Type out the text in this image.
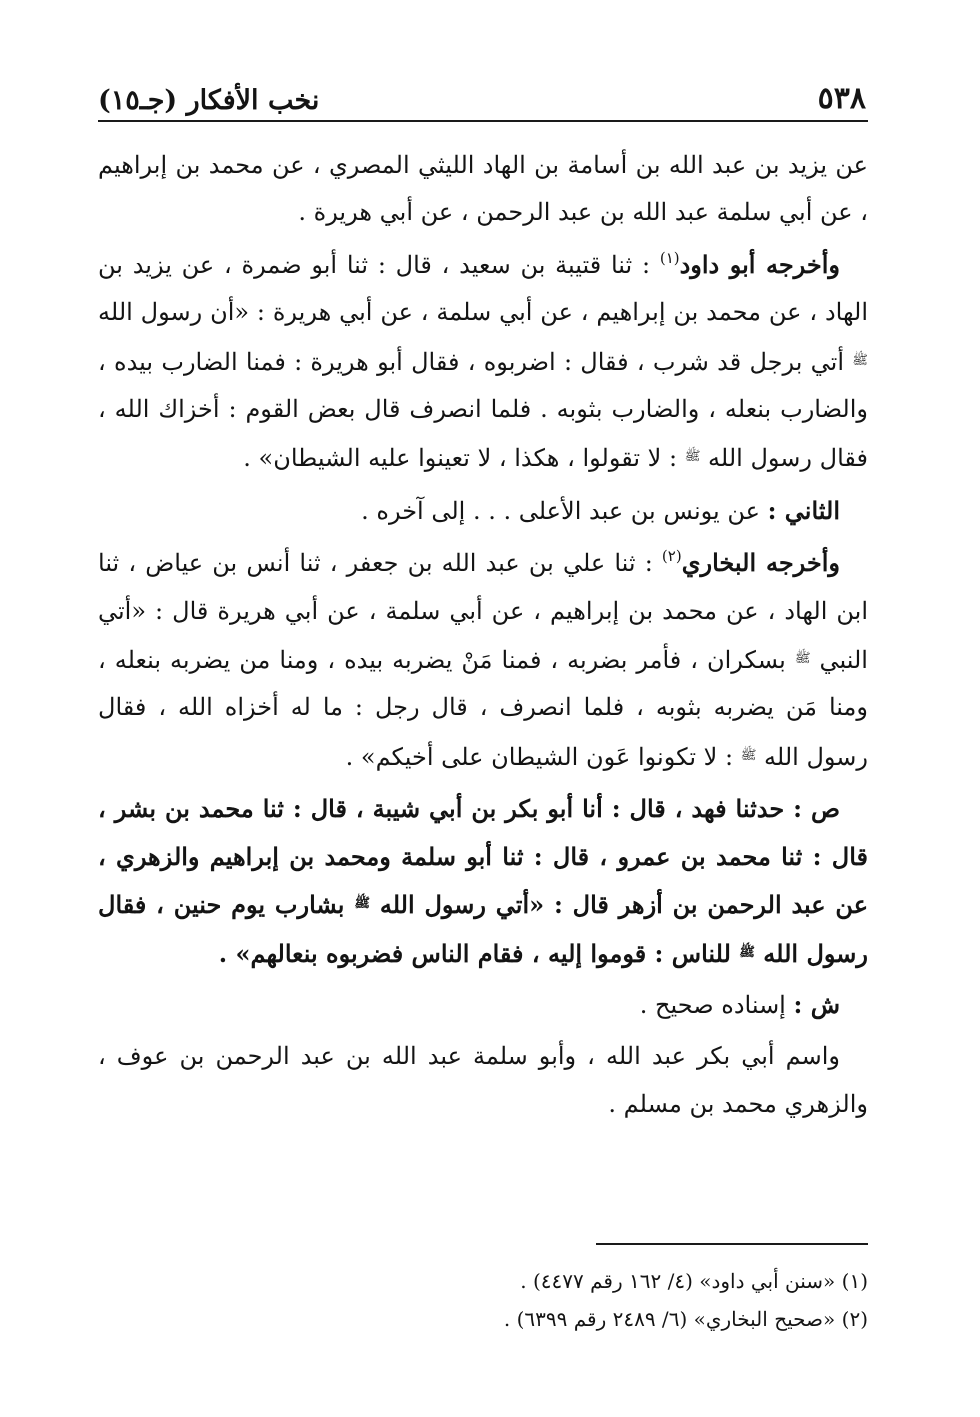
٥٣٨
نخب الأفكار (جـ١٥)

عن يزيد بن عبد الله بن أسامة بن الهاد الليثي المصري ، عن محمد بن إبراهيم ، عن أبي سلمة عبد الله بن عبد الرحمن ، عن أبي هريرة .

وأخرجه أبو داود$^{(١)}$ : ثنا قتيبة بن سعيد ، قال : ثنا أبو ضمرة ، عن يزيد بن الهاد ، عن محمد بن إبراهيم ، عن أبي سلمة ، عن أبي هريرة : «أن رسول الله $^ﷺ$ أتي برجل قد شرب ، فقال : اضربوه ، فقال أبو هريرة : فمنا الضارب بيده ، والضارب بنعله ، والضارب بثوبه . فلما انصرف قال بعض القوم : أخزاك الله ، فقال رسول الله $^ﷺ$ : لا تقولوا ، هكذا ، لا تعينوا عليه الشيطان» .

الثاني : عن يونس بن عبد الأعلى . . . إلى آخره .

وأخرجه البخاري$^{(٢)}$ : ثنا علي بن عبد الله بن جعفر ، ثنا أنس بن عياض ، ثنا ابن الهاد ، عن محمد بن إبراهيم ، عن أبي سلمة ، عن أبي هريرة قال : «أتي النبي $^ﷺ$ بسكران ، فأمر بضربه ، فمنا مَنْ يضربه بيده ، ومنا من يضربه بنعله ، ومنا مَن يضربه بثوبه ، فلما انصرف ، قال رجل : ما له أخزاه الله ، فقال رسول الله $^ﷺ$ : لا تكونوا عَون الشيطان على أخيكم» .

ص : حدثنا فهد ، قال : أنا أبو بكر بن أبي شيبة ، قال : ثنا محمد بن بشر ، قال : ثنا محمد بن عمرو ، قال : ثنا أبو سلمة ومحمد بن إبراهيم والزهري ، عن عبد الرحمن بن أزهر قال : «أتي رسول الله $^ﷺ$ بشارب يوم حنين ، فقال رسول الله $^ﷺ$ للناس : قوموا إليه ، فقام الناس فضربوه بنعالهم» .

ش : إسناده صحيح .

واسم أبي بكر عبد الله ، وأبو سلمة عبد الله بن عبد الرحمن بن عوف ، والزهري محمد بن مسلم .

(١) «سنن أبي داود» (٤/ ١٦٢ رقم ٤٤٧٧) .

(٢) «صحيح البخاري» (٦/ ٢٤٨٩ رقم ٦٣٩٩) .
